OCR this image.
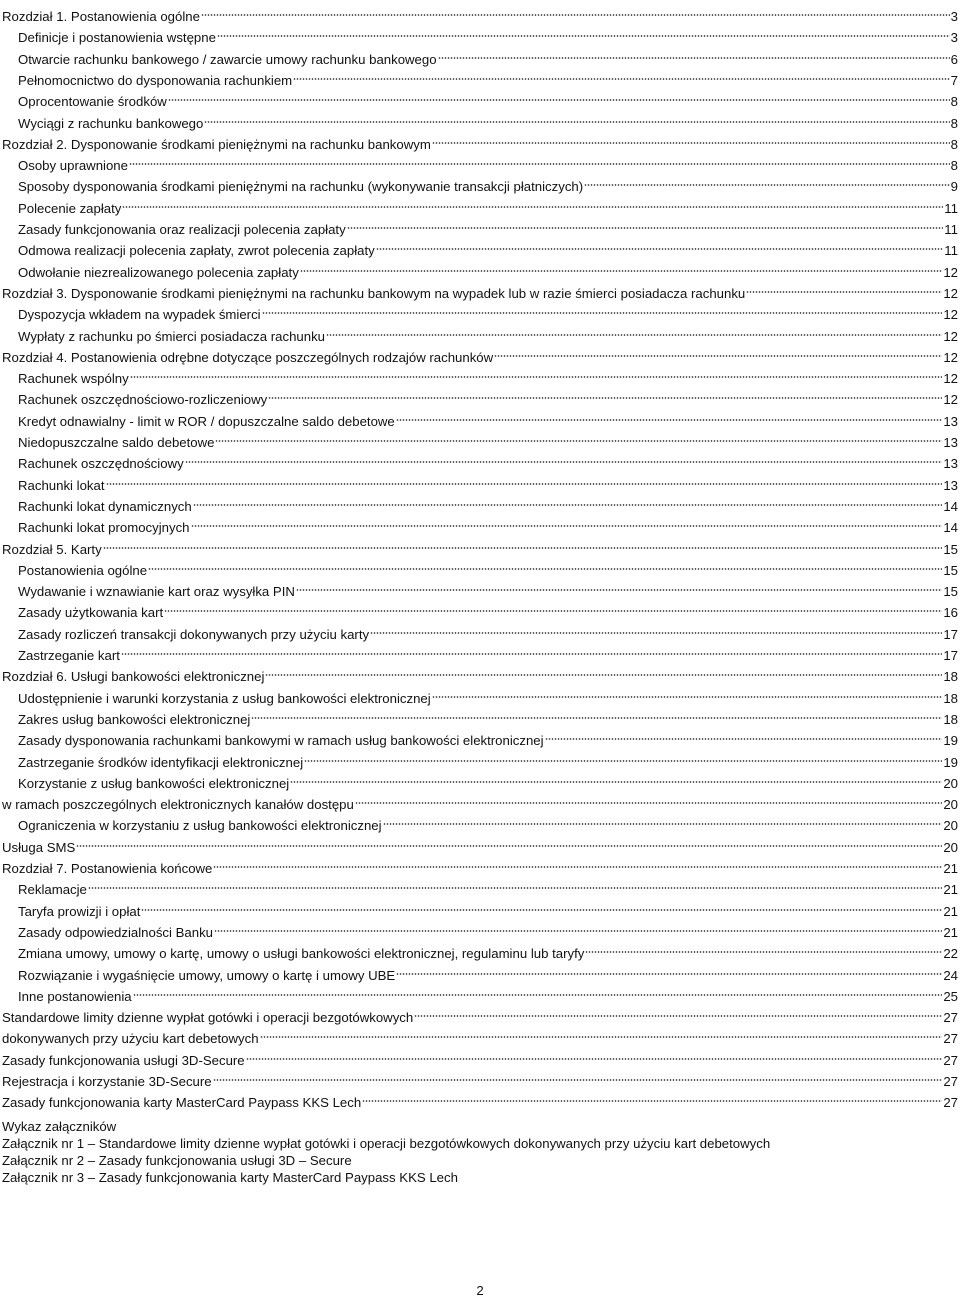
Rozdział 1. Postanowienia ogólne	3
Definicje i postanowienia wstępne	3
Otwarcie rachunku bankowego / zawarcie umowy rachunku bankowego	6
Pełnomocnictwo do dysponowania rachunkiem	7
Oprocentowanie środków	8
Wyciągi z rachunku bankowego	8
Rozdział 2. Dysponowanie środkami pieniężnymi na rachunku bankowym	8
Osoby uprawnione	8
Sposoby dysponowania środkami pieniężnymi na rachunku (wykonywanie transakcji płatniczych)	9
Polecenie zapłaty	11
Zasady funkcjonowania oraz realizacji polecenia zapłaty	11
Odmowa realizacji polecenia zapłaty, zwrot polecenia zapłaty	11
Odwołanie niezrealizowanego polecenia zapłaty	12
Rozdział 3. Dysponowanie środkami pieniężnymi na rachunku bankowym na wypadek lub w razie śmierci posiadacza rachunku	12
Dyspozycja wkładem na wypadek śmierci	12
Wypłaty z rachunku po śmierci posiadacza rachunku	12
Rozdział 4. Postanowienia odrębne dotyczące poszczególnych rodzajów rachunków	12
Rachunek wspólny	12
Rachunek oszczędnościowo-rozliczeniowy	12
Kredyt odnawialny - limit w ROR / dopuszczalne saldo debetowe	13
Niedopuszczalne saldo debetowe	13
Rachunek oszczędnościowy	13
Rachunki lokat	13
Rachunki lokat dynamicznych	14
Rachunki lokat promocyjnych	14
Rozdział 5. Karty	15
Postanowienia ogólne	15
Wydawanie i wznawianie kart oraz wysyłka PIN	15
Zasady użytkowania kart	16
Zasady rozliczeń transakcji dokonywanych przy użyciu karty	17
Zastrzeganie kart	17
Rozdział 6. Usługi bankowości elektronicznej	18
Udostępnienie i warunki korzystania z usług bankowości elektronicznej	18
Zakres usług bankowości elektronicznej	18
Zasady dysponowania rachunkami bankowymi w ramach usług bankowości elektronicznej	19
Zastrzeganie środków identyfikacji elektronicznej	19
Korzystanie z usług bankowości elektronicznej	20
w ramach poszczególnych elektronicznych kanałów dostępu	20
Ograniczenia w korzystaniu z usług bankowości elektronicznej	20
Usługa SMS	20
Rozdział 7. Postanowienia końcowe	21
Reklamacje	21
Taryfa prowizji i opłat	21
Zasady odpowiedzialności Banku	21
Zmiana umowy, umowy o kartę, umowy o usługi bankowości elektronicznej, regulaminu lub taryfy	22
Rozwiązanie i wygaśnięcie umowy, umowy o kartę i umowy UBE	24
Inne postanowienia	25
Standardowe limity dzienne wypłat gotówki i operacji bezgotówkowych	27
dokonywanych przy użyciu kart debetowych	27
Zasady funkcjonowania usługi 3D-Secure	27
Rejestracja i korzystanie 3D-Secure	27
Zasady funkcjonowania karty MasterCard Paypass KKS Lech	27
Wykaz załączników
Załącznik nr 1 – Standardowe limity dzienne wypłat gotówki i operacji bezgotówkowych dokonywanych przy użyciu kart debetowych
Załącznik nr 2 – Zasady funkcjonowania usługi 3D – Secure
Załącznik nr 3 – Zasady funkcjonowania karty MasterCard Paypass KKS Lech
2
